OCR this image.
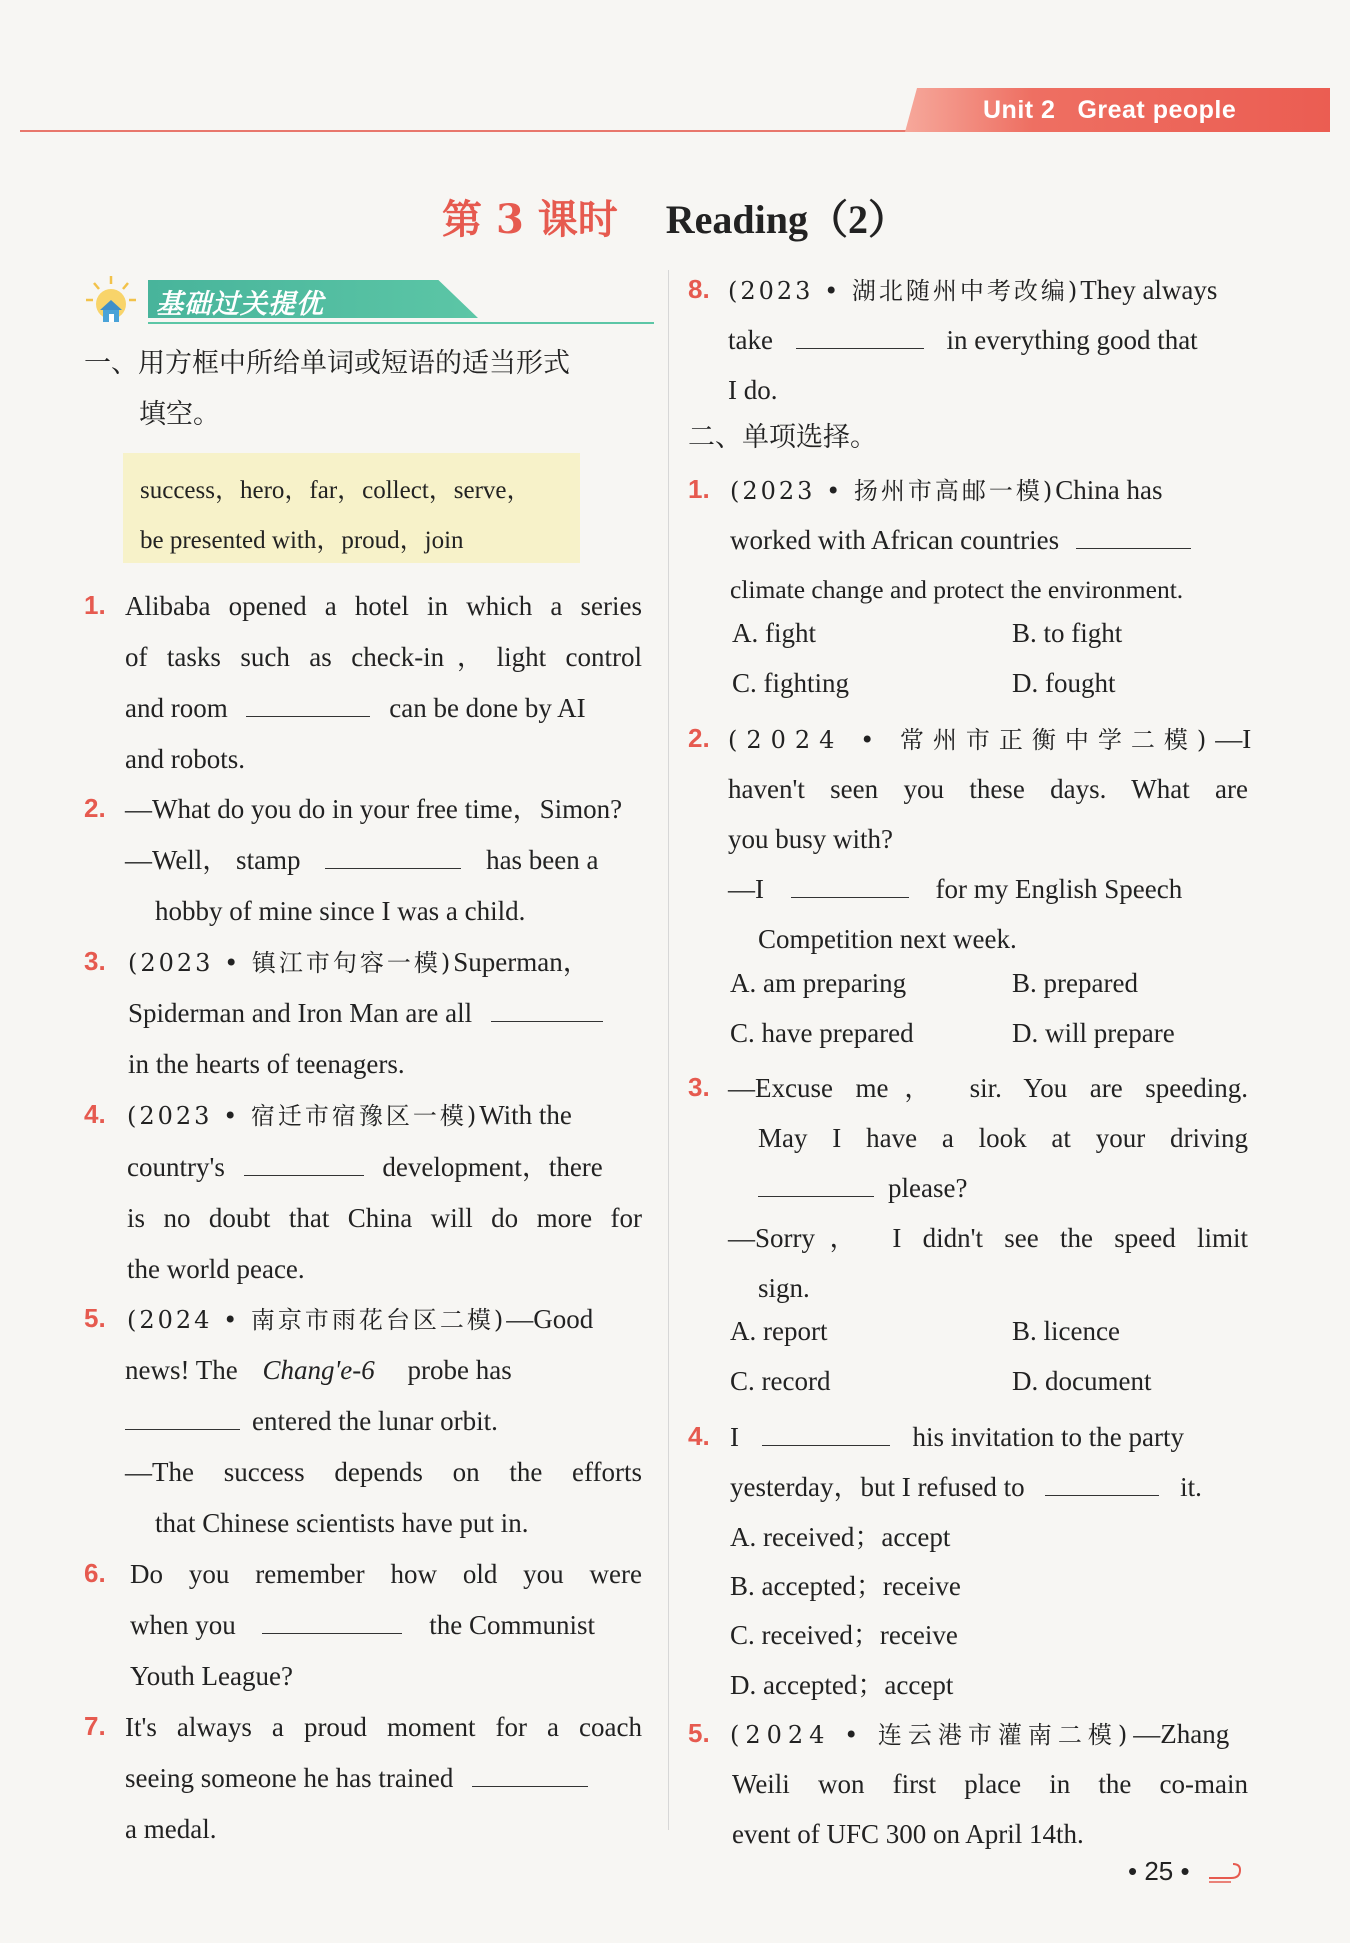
Unit 2 Great people
第 3 课时 Reading（2）
基础过关提优
一、用方框中所给单词或短语的适当形式
填空。
success，hero，far，collect，serve，
be presented with，proud，join
1. Alibaba opened a hotel in which a series
of tasks such as check-in，light control
and room	can be done by AI
and robots.
2. —What do you do in your free time，Simon?
—Well， stamp	has been a
hobby of mine since I was a child.
3. (2023 • 镇江市句容一模)Superman，
Spiderman and Iron Man are all
in the hearts of teenagers.
4. (2023 • 宿迁市宿豫区一模)With the
country's	development，there
is no doubt that China will do more for
the world peace.
5. (2024 • 南京市雨花台区二模)—Good
news! The Chang'e-6 probe has
entered the lunar orbit.
—The success depends on the efforts
that Chinese scientists have put in.
6. Do you remember how old you were
when you	the Communist
Youth League?
7. It's always a proud moment for a coach
seeing someone he has trained
a medal.
8. (2023 • 湖北随州中考改编)They always
take	in everything good that
I do.
二、单项选择。
1. (2023 • 扬州市高邮一模)China has
worked with African countries
climate change and protect the environment.
A. fight	B. to fight
C. fighting	D. fought
2. (2024 • 常州市正衡中学二模)—I
haven't seen you these days. What are
you busy with?
—I	for my English Speech
Competition next week.
A. am preparing	B. prepared
C. have prepared	D. will prepare
3. —Excuse me， sir. You are speeding.
May I have a look at your driving
please?
—Sorry， I didn't see the speed limit
sign.
A. report	B. licence
C. record	D. document
4. I	his invitation to the party
yesterday，but I refused to	it.
A. received；accept
B. accepted；receive
C. received；receive
D. accepted；accept
5. (2024 • 连云港市灌南二模)—Zhang
Weili won first place in the co-main
event of UFC 300 on April 14th.
• 25 •
